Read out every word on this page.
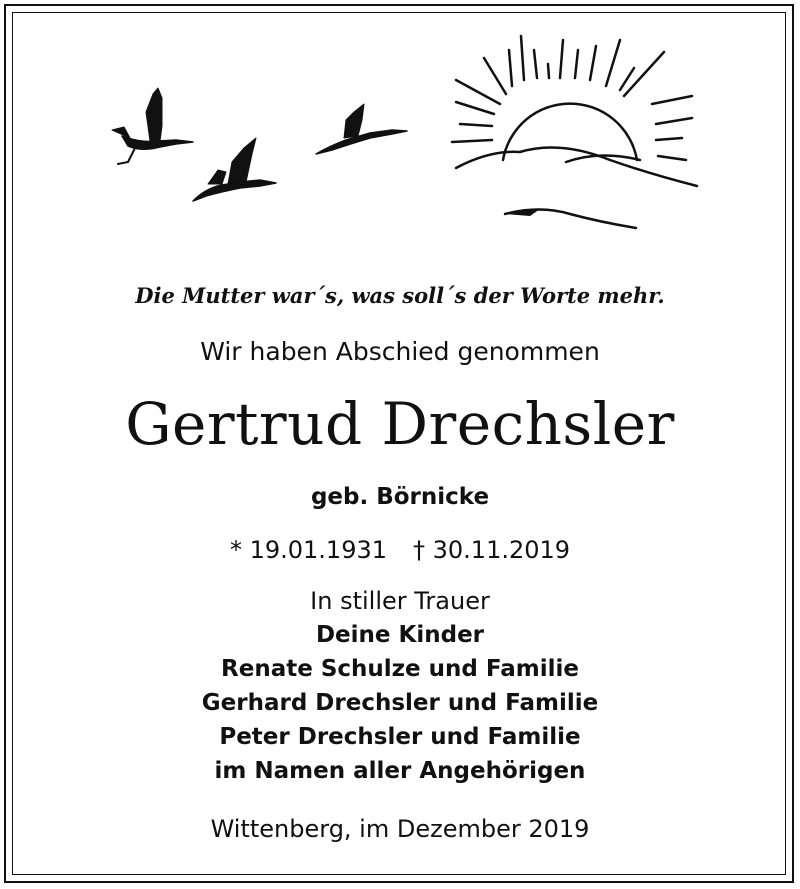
Die Mutter war´s, was soll´s der Worte mehr.
Wir haben Abschied genommen
Gertrud Drechsler
geb. Börnicke
* 19.01.1931 † 30.11.2019
In stiller Trauer
Deine Kinder
Renate Schulze und Familie
Gerhard Drechsler und Familie
Peter Drechsler und Familie
im Namen aller Angehörigen
Wittenberg, im Dezember 2019
